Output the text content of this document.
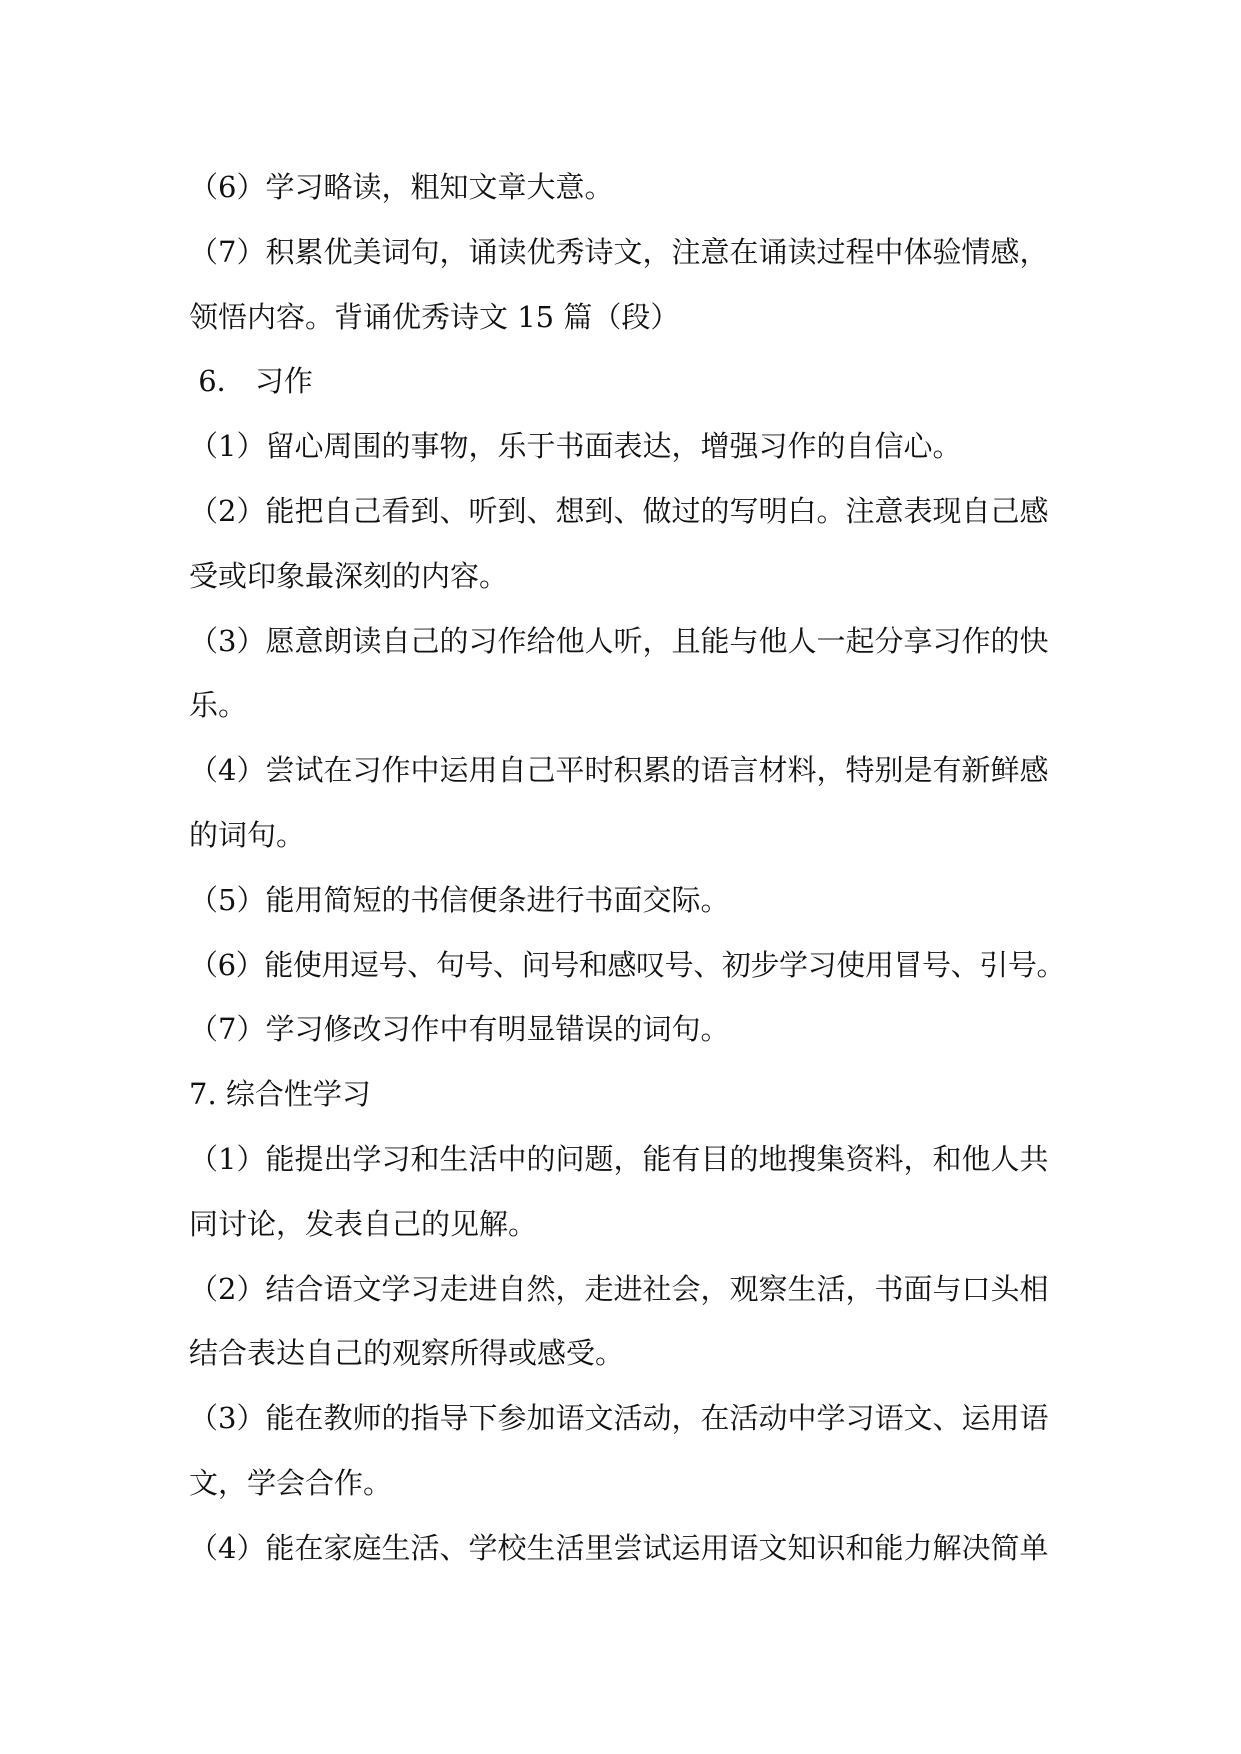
（6）学习略读，粗知文章大意。
（7）积累优美词句，诵读优秀诗文，注意在诵读过程中体验情感，
领悟内容。背诵优秀诗文 15 篇（段）
6． 习作
（1）留心周围的事物，乐于书面表达，增强习作的自信心。
（2）能把自己看到、听到、想到、做过的写明白。注意表现自己感
受或印象最深刻的内容。
（3）愿意朗读自己的习作给他人听，且能与他人一起分享习作的快
乐。
（4）尝试在习作中运用自己平时积累的语言材料，特别是有新鲜感
的词句。
（5）能用简短的书信便条进行书面交际。
（6）能使用逗号、句号、问号和感叹号、初步学习使用冒号、引号。
（7）学习修改习作中有明显错误的词句。
7. 综合性学习
（1）能提出学习和生活中的问题，能有目的地搜集资料，和他人共
同讨论，发表自己的见解。
（2）结合语文学习走进自然，走进社会，观察生活，书面与口头相
结合表达自己的观察所得或感受。
（3）能在教师的指导下参加语文活动，在活动中学习语文、运用语
文，学会合作。
（4）能在家庭生活、学校生活里尝试运用语文知识和能力解决简单
